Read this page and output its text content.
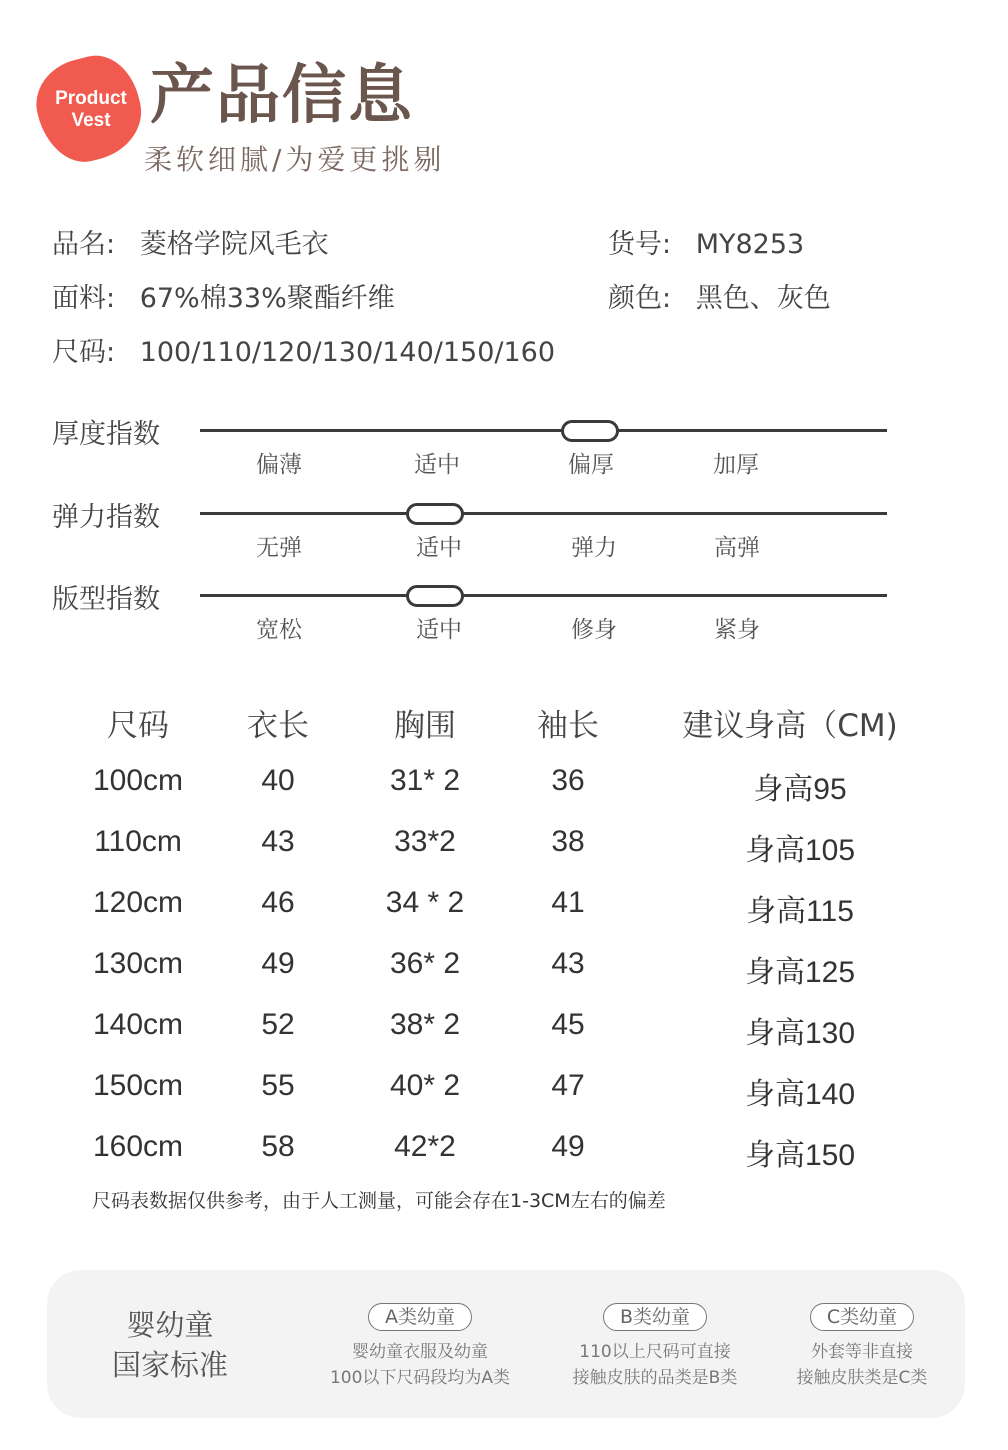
Product
Vest 产品信息
柔软细腻/为爱更挑剔
品名: 菱格学院风毛衣	货号: MY8253
面料: 67%棉33%聚酯纤维	颜色: 黑色、灰色
尺码: 100/110/120/130/140/150/160
厚度指数
偏薄	适中	偏厚	加厚
弹力指数
无弹	适中	弹力	高弹
版型指数
宽松	适中	修身	紧身
尺码	衣长	胸围	袖长	建议身高（CM)
100cm	40	31* 2	36	身高95
110cm	43	33*2	38	身高105
120cm	46	34 * 2	41	身高115
130cm	49	36* 2	43	身高125
140cm	52	38* 2	45	身高130
150cm	55	40* 2	47	身高140
160cm	58	42*2	49	身高150
尺码表数据仅供参考，由于人工测量，可能会存在1-3CM左右的偏差
婴幼童
国家标准
A类幼童
婴幼童衣服及幼童
100以下尺码段均为A类
B类幼童
110以上尺码可直接
接触皮肤的品类是B类
C类幼童
外套等非直接
接触皮肤类是C类
